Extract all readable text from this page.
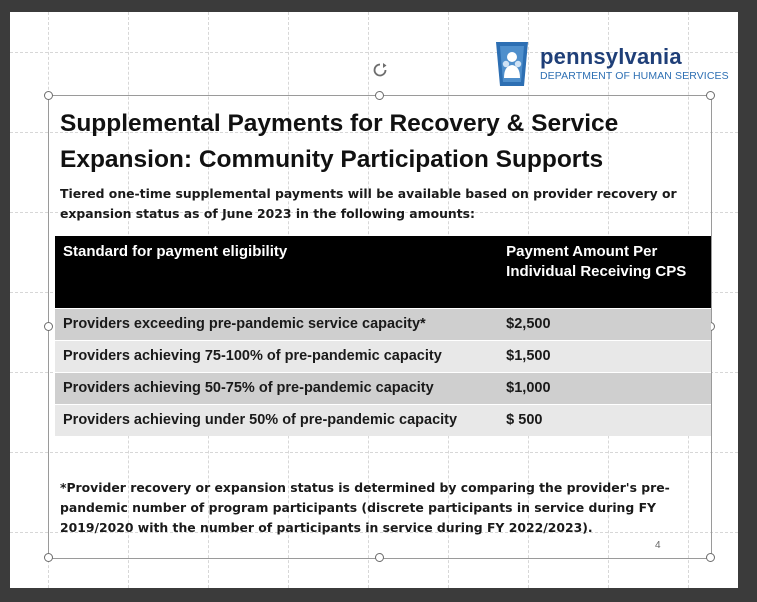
pennsylvania
DEPARTMENT OF HUMAN SERVICES
Supplemental Payments for Recovery & Service Expansion: Community Participation Supports
Tiered one-time supplemental payments will be available based on provider recovery or expansion status as of June 2023 in the following amounts:
Standard for payment eligibility	Payment Amount Per Individual Receiving CPS
Providers exceeding pre-pandemic service capacity*	$2,500
Providers achieving 75-100% of pre-pandemic capacity	$1,500
Providers achieving 50-75% of pre-pandemic capacity	$1,000
Providers achieving under 50% of pre-pandemic capacity	$ 500
*Provider recovery or expansion status is determined by comparing the provider's pre-pandemic number of program participants (discrete participants in service during FY 2019/2020 with the number of participants in service during FY 2022/2023).
4
